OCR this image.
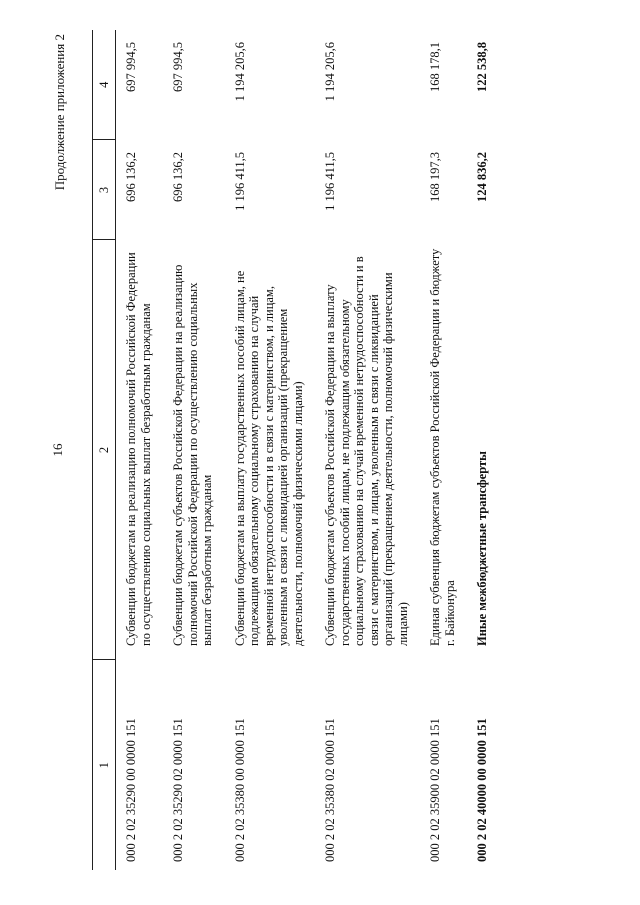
16
Продолжение приложения 2
1	2	3	4
000 2 02 35290 00 0000 151	Субвенции бюджетам на реализацию полномочий Российской Федерации по осуществлению социальных выплат безработным гражданам	696 136,2	697 994,5
000 2 02 35290 02 0000 151	Субвенции бюджетам субъектов Российской Федерации на реализацию полномочий Российской Федерации по осуществлению социальных выплат безработным гражданам	696 136,2	697 994,5
000 2 02 35380 00 0000 151	Субвенции бюджетам на выплату государственных пособий лицам, не подлежащим обязательному социальному страхованию на случай временной нетрудоспособности и в связи с материнством, и лицам, уволенным в связи с ликвидацией организаций (прекращением деятельности, полномочий физическими лицами)	1 196 411,5	1 194 205,6
000 2 02 35380 02 0000 151	Субвенции бюджетам субъектов Российской Федерации на выплату государственных пособий лицам, не подлежащим обязательному социальному страхованию на случай временной нетрудоспособности и в связи с материнством, и лицам, уволенным в связи с ликвидацией организаций (прекращением деятельности, полномочий физическими лицами)	1 196 411,5	1 194 205,6
000 2 02 35900 02 0000 151	Единая субвенция бюджетам субъектов Российской Федерации и бюджету г. Байконура	168 197,3	168 178,1
000 2 02 40000 00 0000 151	Иные межбюджетные трансферты	124 836,2	122 538,8
